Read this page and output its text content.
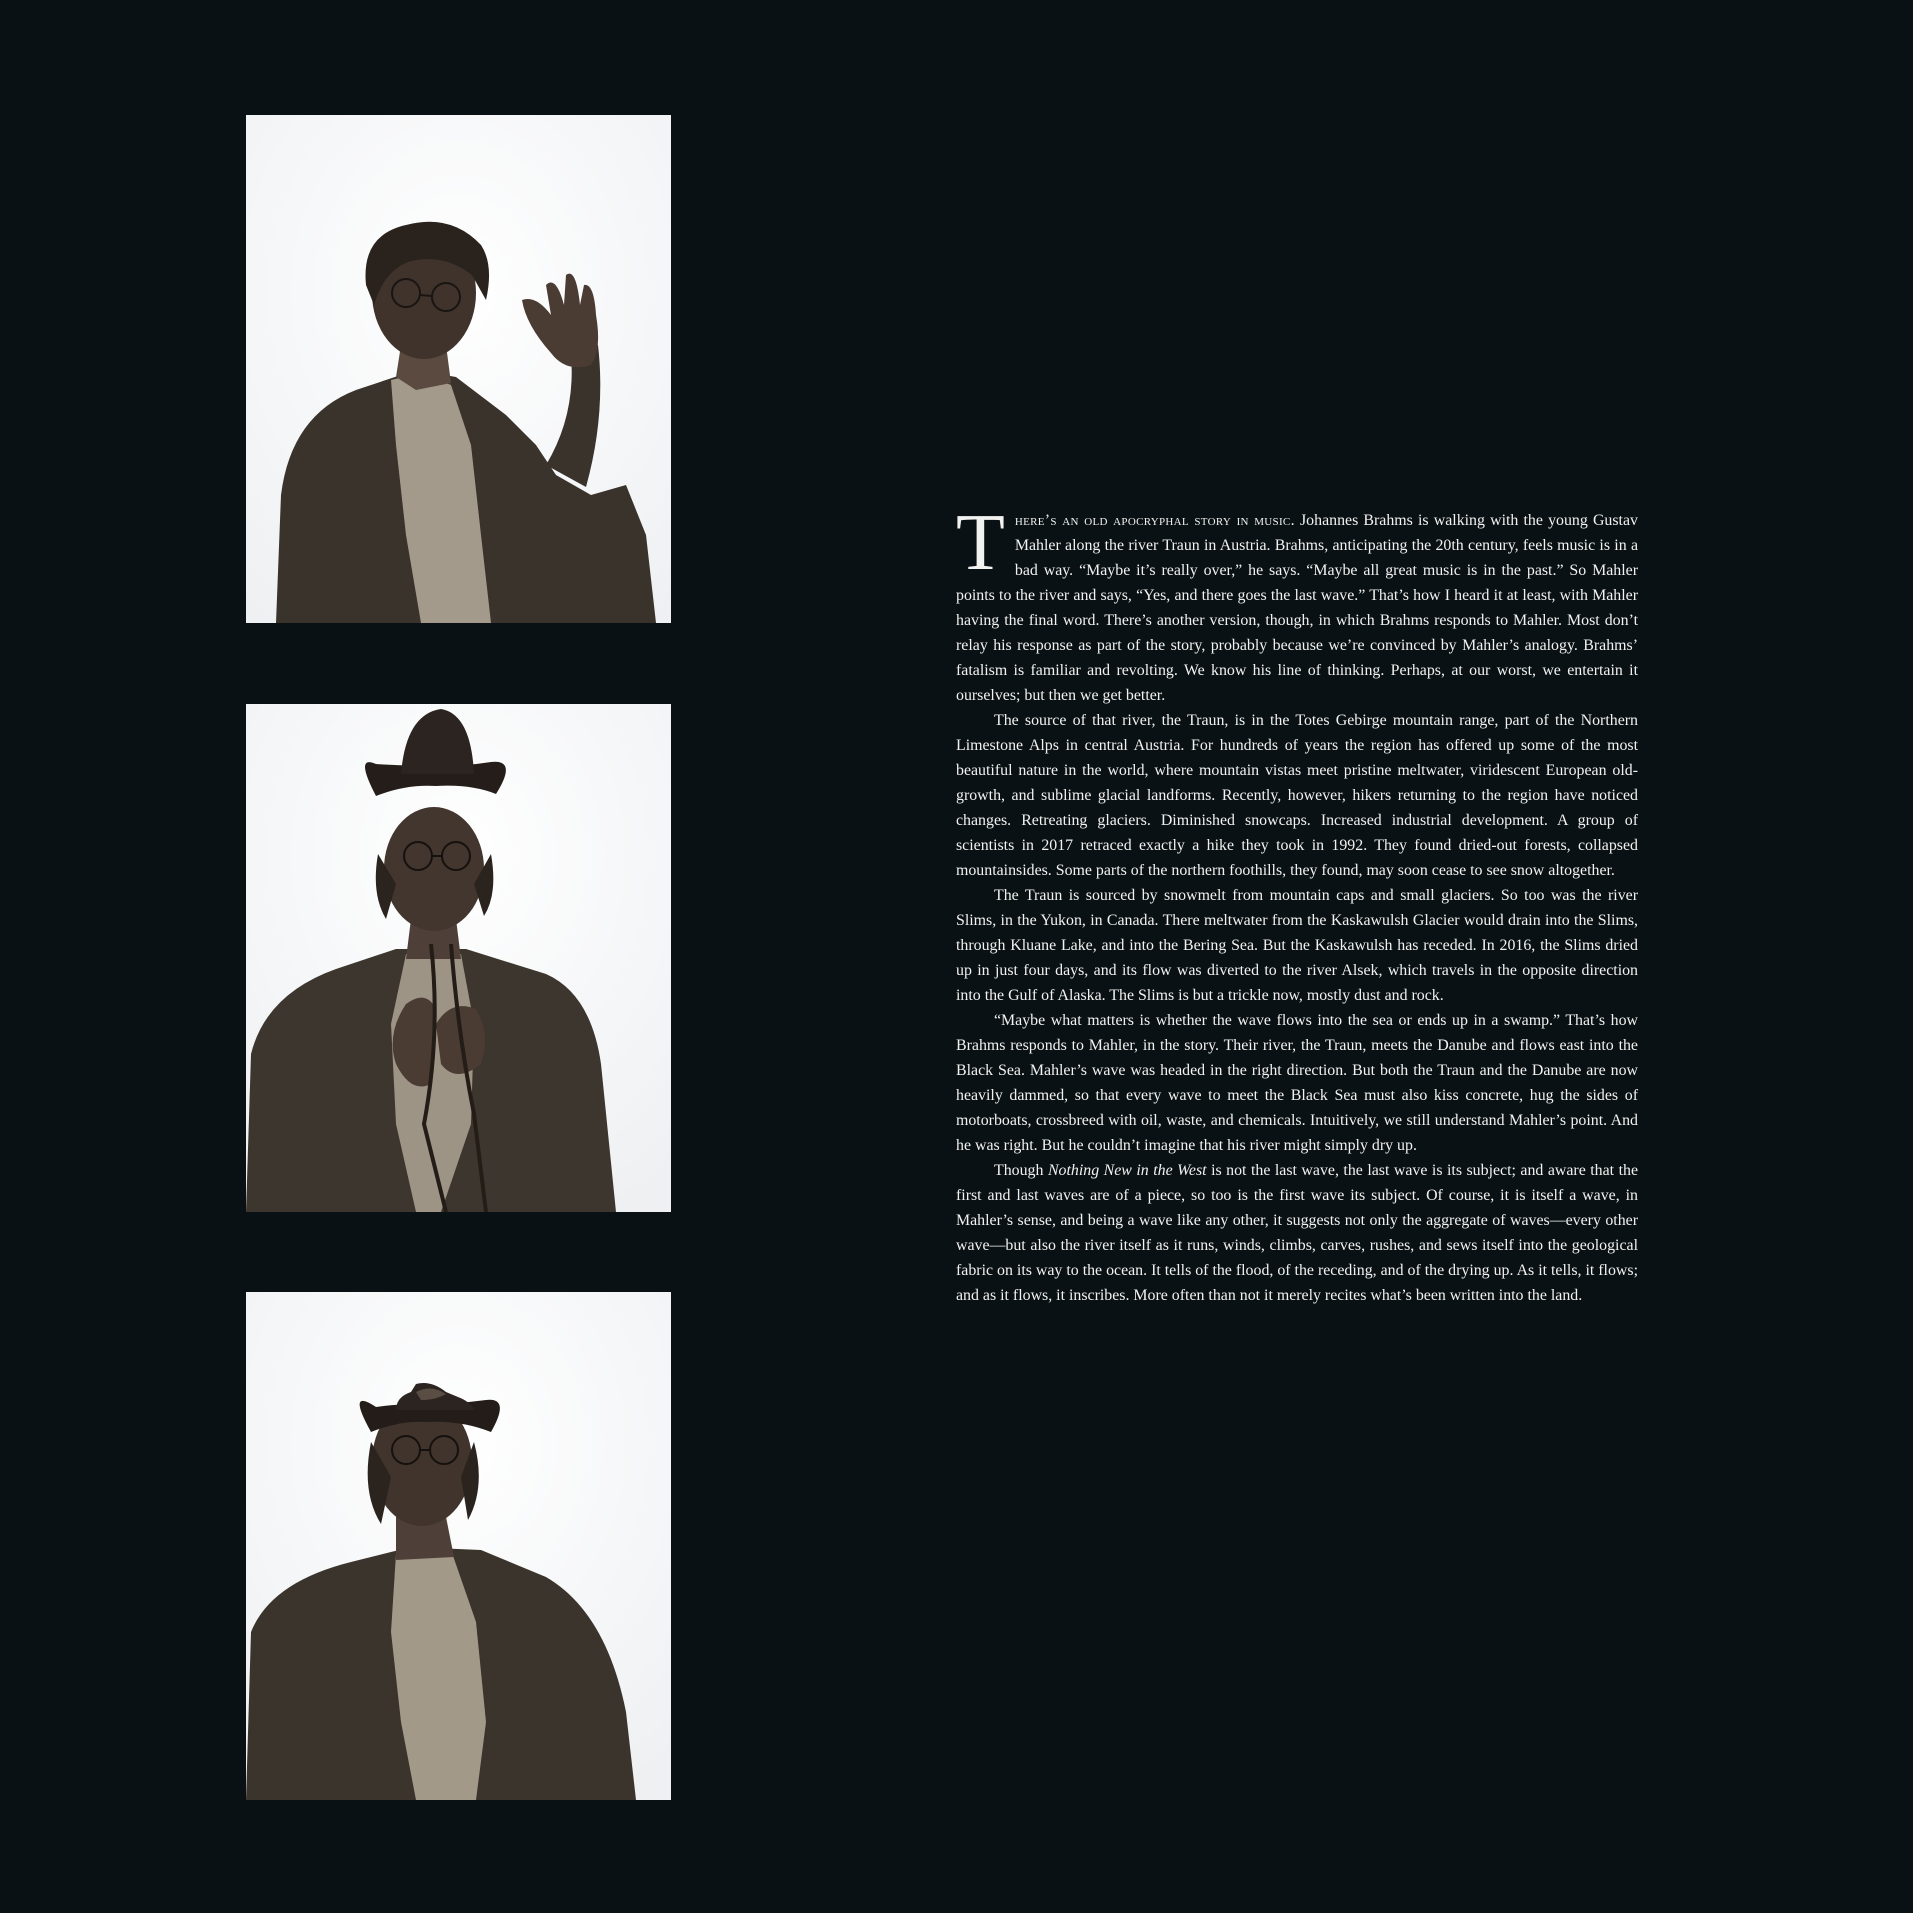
There’s an old apocryphal story in music. Johannes Brahms is walking with the young Gustav Mahler along the river Traun in Austria. Brahms, anticipating the 20th century, feels music is in a bad way. “Maybe it’s really over,” he says. “Maybe all great music is in the past.” So Mahler points to the river and says, “Yes, and there goes the last wave.” That’s how I heard it at least, with Mahler having the final word. There’s another version, though, in which Brahms responds to Mahler. Most don’t relay his response as part of the story, probably because we’re convinced by Mahler’s analogy. Brahms’ fatalism is familiar and revolting. We know his line of thinking. Perhaps, at our worst, we entertain it ourselves; but then we get better.

The source of that river, the Traun, is in the Totes Gebirge mountain range, part of the Northern Limestone Alps in central Austria. For hundreds of years the region has offered up some of the most beautiful nature in the world, where mountain vistas meet pristine meltwater, viridescent European old-growth, and sublime glacial landforms. Recently, however, hikers returning to the region have noticed changes. Retreating glaciers. Diminished snowcaps. Increased industrial development. A group of scientists in 2017 retraced exactly a hike they took in 1992. They found dried-out forests, collapsed mountainsides. Some parts of the northern foothills, they found, may soon cease to see snow altogether.

The Traun is sourced by snowmelt from mountain caps and small glaciers. So too was the river Slims, in the Yukon, in Canada. There meltwater from the Kaskawulsh Glacier would drain into the Slims, through Kluane Lake, and into the Bering Sea. But the Kaskawulsh has receded. In 2016, the Slims dried up in just four days, and its flow was diverted to the river Alsek, which travels in the opposite direction into the Gulf of Alaska. The Slims is but a trickle now, mostly dust and rock.

“Maybe what matters is whether the wave flows into the sea or ends up in a swamp.” That’s how Brahms responds to Mahler, in the story. Their river, the Traun, meets the Danube and flows east into the Black Sea. Mahler’s wave was headed in the right direction. But both the Traun and the Danube are now heavily dammed, so that every wave to meet the Black Sea must also kiss concrete, hug the sides of motorboats, crossbreed with oil, waste, and chemicals. Intuitively, we still understand Mahler’s point. And he was right. But he couldn’t imagine that his river might simply dry up.

Though Nothing New in the West is not the last wave, the last wave is its subject; and aware that the first and last waves are of a piece, so too is the first wave its subject. Of course, it is itself a wave, in Mahler’s sense, and being a wave like any other, it suggests not only the aggregate of waves—every other wave—but also the river itself as it runs, winds, climbs, carves, rushes, and sews itself into the geological fabric on its way to the ocean. It tells of the flood, of the receding, and of the drying up. As it tells, it flows; and as it flows, it inscribes. More often than not it merely recites what’s been written into the land.
